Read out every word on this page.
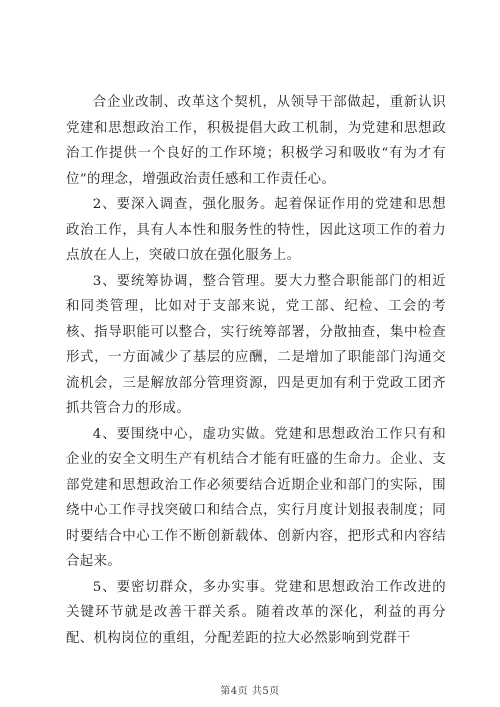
合企业改制、改革这个契机，从领导干部做起，重新认识党建和思想政治工作，积极提倡大政工机制，为党建和思想政治工作提供一个良好的工作环境；积极学习和吸收“有为才有位”的理念，增强政治责任感和工作责任心。

2、要深入调查，强化服务。起着保证作用的党建和思想政治工作，具有人本性和服务性的特性，因此这项工作的着力点放在人上，突破口放在强化服务上。

3、要统筹协调，整合管理。要大力整合职能部门的相近和同类管理，比如对于支部来说，党工部、纪检、工会的考核、指导职能可以整合，实行统筹部署，分散抽查，集中检查形式，一方面减少了基层的应酬，二是增加了职能部门沟通交流机会，三是解放部分管理资源，四是更加有利于党政工团齐抓共管合力的形成。

4、要围绕中心，虚功实做。党建和思想政治工作只有和企业的安全文明生产有机结合才能有旺盛的生命力。企业、支部党建和思想政治工作必须要结合近期企业和部门的实际，围绕中心工作寻找突破口和结合点，实行月度计划报表制度；同时要结合中心工作不断创新载体、创新内容，把形式和内容结合起来。

5、要密切群众，多办实事。党建和思想政治工作改进的关键环节就是改善干群关系。随着改革的深化，利益的再分配、机构岗位的重组，分配差距的拉大必然影响到党群干

第4页 共5页
